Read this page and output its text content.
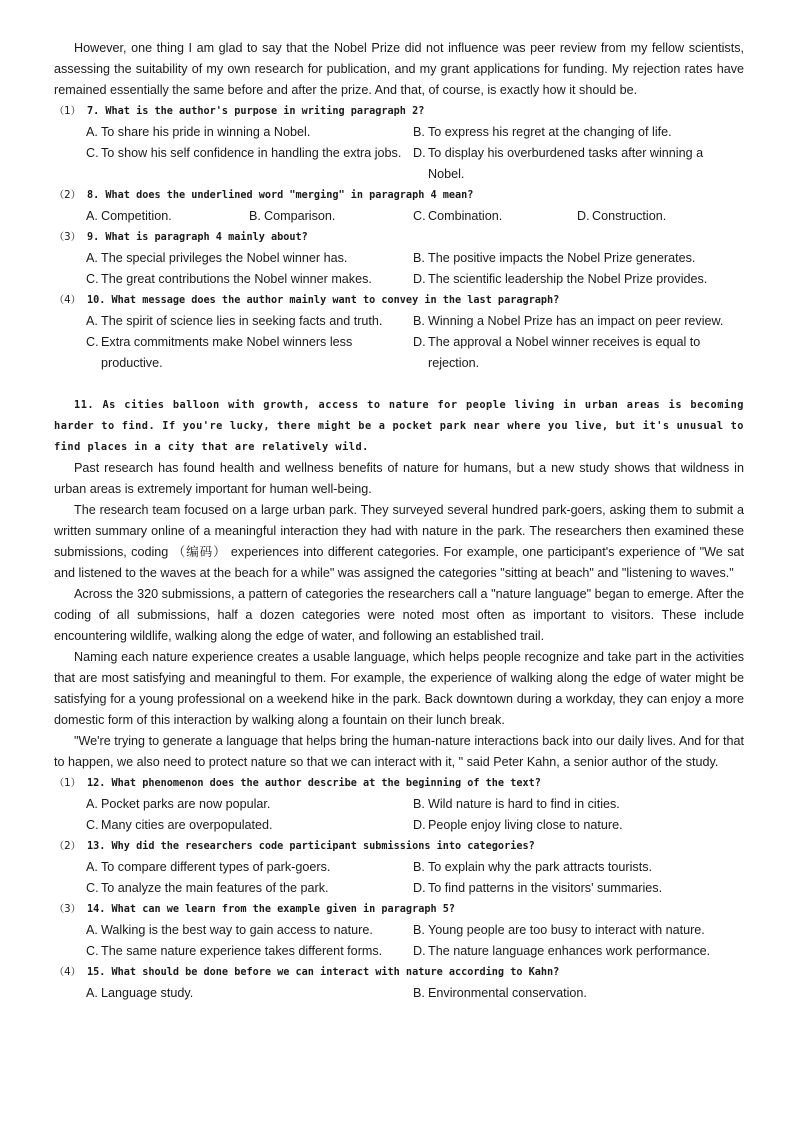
However, one thing I am glad to say that the Nobel Prize did not influence was peer review from my fellow scientists, assessing the suitability of my own research for publication, and my grant applications for funding. My rejection rates have remained essentially the same before and after the prize. And that, of course, is exactly how it should be.

（1） 7. What is the author's purpose in writing paragraph 2?
A. To share his pride in winning a Nobel.	B. To express his regret at the changing of life.
C. To show his self confidence in handling the extra jobs. D. To display his overburdened tasks after winning a Nobel.
（2） 8. What does the underlined word "merging" in paragraph 4 mean?
A. Competition.	B. Comparison.	C. Combination.	D. Construction.
（3） 9. What is paragraph 4 mainly about?
A. The special privileges the Nobel winner has.	B. The positive impacts the Nobel Prize generates.
C. The great contributions the Nobel winner makes.	D. The scientific leadership the Nobel Prize provides.
（4） 10. What message does the author mainly want to convey in the last paragraph?
A. The spirit of science lies in seeking facts and truth.	B. Winning a Nobel Prize has an impact on peer review.
C. Extra commitments make Nobel winners less productive.
D. The approval a Nobel winner receives is equal to rejection.

11. As cities balloon with growth, access to nature for people living in urban areas is becoming harder to find. If you're lucky, there might be a pocket park near where you live, but it's unusual to find places in a city that are relatively wild.

Past research has found health and wellness benefits of nature for humans, but a new study shows that wildness in urban areas is extremely important for human well-being.

The research team focused on a large urban park. They surveyed several hundred park-goers, asking them to submit a written summary online of a meaningful interaction they had with nature in the park. The researchers then examined these submissions, coding （编码） experiences into different categories. For example, one participant's experience of "We sat and listened to the waves at the beach for a while" was assigned the categories "sitting at beach" and "listening to waves."

Across the 320 submissions, a pattern of categories the researchers call a "nature language" began to emerge. After the coding of all submissions, half a dozen categories were noted most often as important to visitors. These include encountering wildlife, walking along the edge of water, and following an established trail.

Naming each nature experience creates a usable language, which helps people recognize and take part in the activities that are most satisfying and meaningful to them. For example, the experience of walking along the edge of water might be satisfying for a young professional on a weekend hike in the park. Back downtown during a workday, they can enjoy a more domestic form of this interaction by walking along a fountain on their lunch break.

"We're trying to generate a language that helps bring the human-nature interactions back into our daily lives. And for that to happen, we also need to protect nature so that we can interact with it, " said Peter Kahn, a senior author of the study.

（1） 12. What phenomenon does the author describe at the beginning of the text?
A. Pocket parks are now popular.	B. Wild nature is hard to find in cities.
C. Many cities are overpopulated.	D. People enjoy living close to nature.
（2） 13. Why did the researchers code participant submissions into categories?
A. To compare different types of park-goers.	B. To explain why the park attracts tourists.
C. To analyze the main features of the park.	D. To find patterns in the visitors' summaries.
（3） 14. What can we learn from the example given in paragraph 5?
A. Walking is the best way to gain access to nature.	B. Young people are too busy to interact with nature.
C. The same nature experience takes different forms.	D. The nature language enhances work performance.
（4） 15. What should be done before we can interact with nature according to Kahn?
A. Language study.	B. Environmental conservation.
